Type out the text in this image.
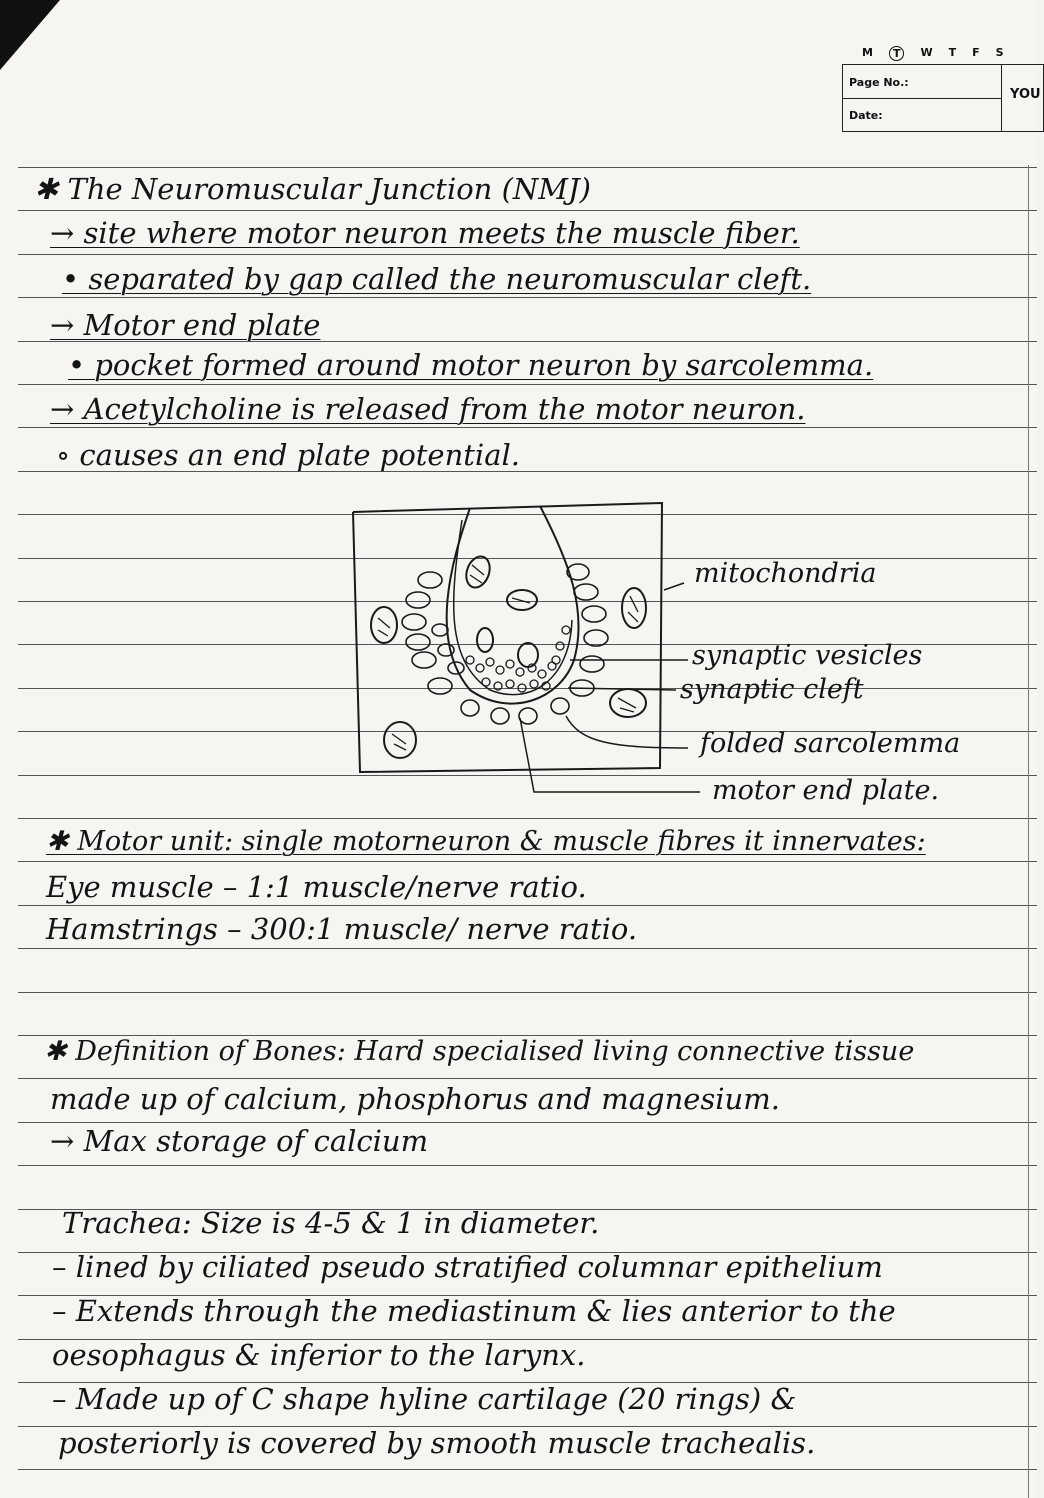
M	T	W T F S
Page No.:
Date:
YOU
✱ The Neuromuscular Junction (NMJ)
→ site where motor neuron meets the muscle fiber.
• separated by gap called the neuromuscular cleft.
→ Motor end plate
• pocket formed around motor neuron by sarcolemma.
→ Acetylcholine is released from the motor neuron.
∘ causes an end plate potential.
mitochondria
synaptic vesicles
synaptic cleft
folded sarcolemma
motor end plate.
✱ Motor unit: single motorneuron & muscle fibres it innervates:
Eye muscle – 1:1 muscle/nerve ratio.
Hamstrings – 300:1 muscle/ nerve ratio.
✱ Definition of Bones: Hard specialised living connective tissue
made up of calcium, phosphorus and magnesium.
→ Max storage of calcium
Trachea: Size is 4-5 & 1 in diameter.
– lined by ciliated pseudo stratified columnar epithelium
– Extends through the mediastinum & lies anterior to the
oesophagus & inferior to the larynx.
– Made up of C shape hyline cartilage (20 rings) &
posteriorly is covered by smooth muscle trachealis.
